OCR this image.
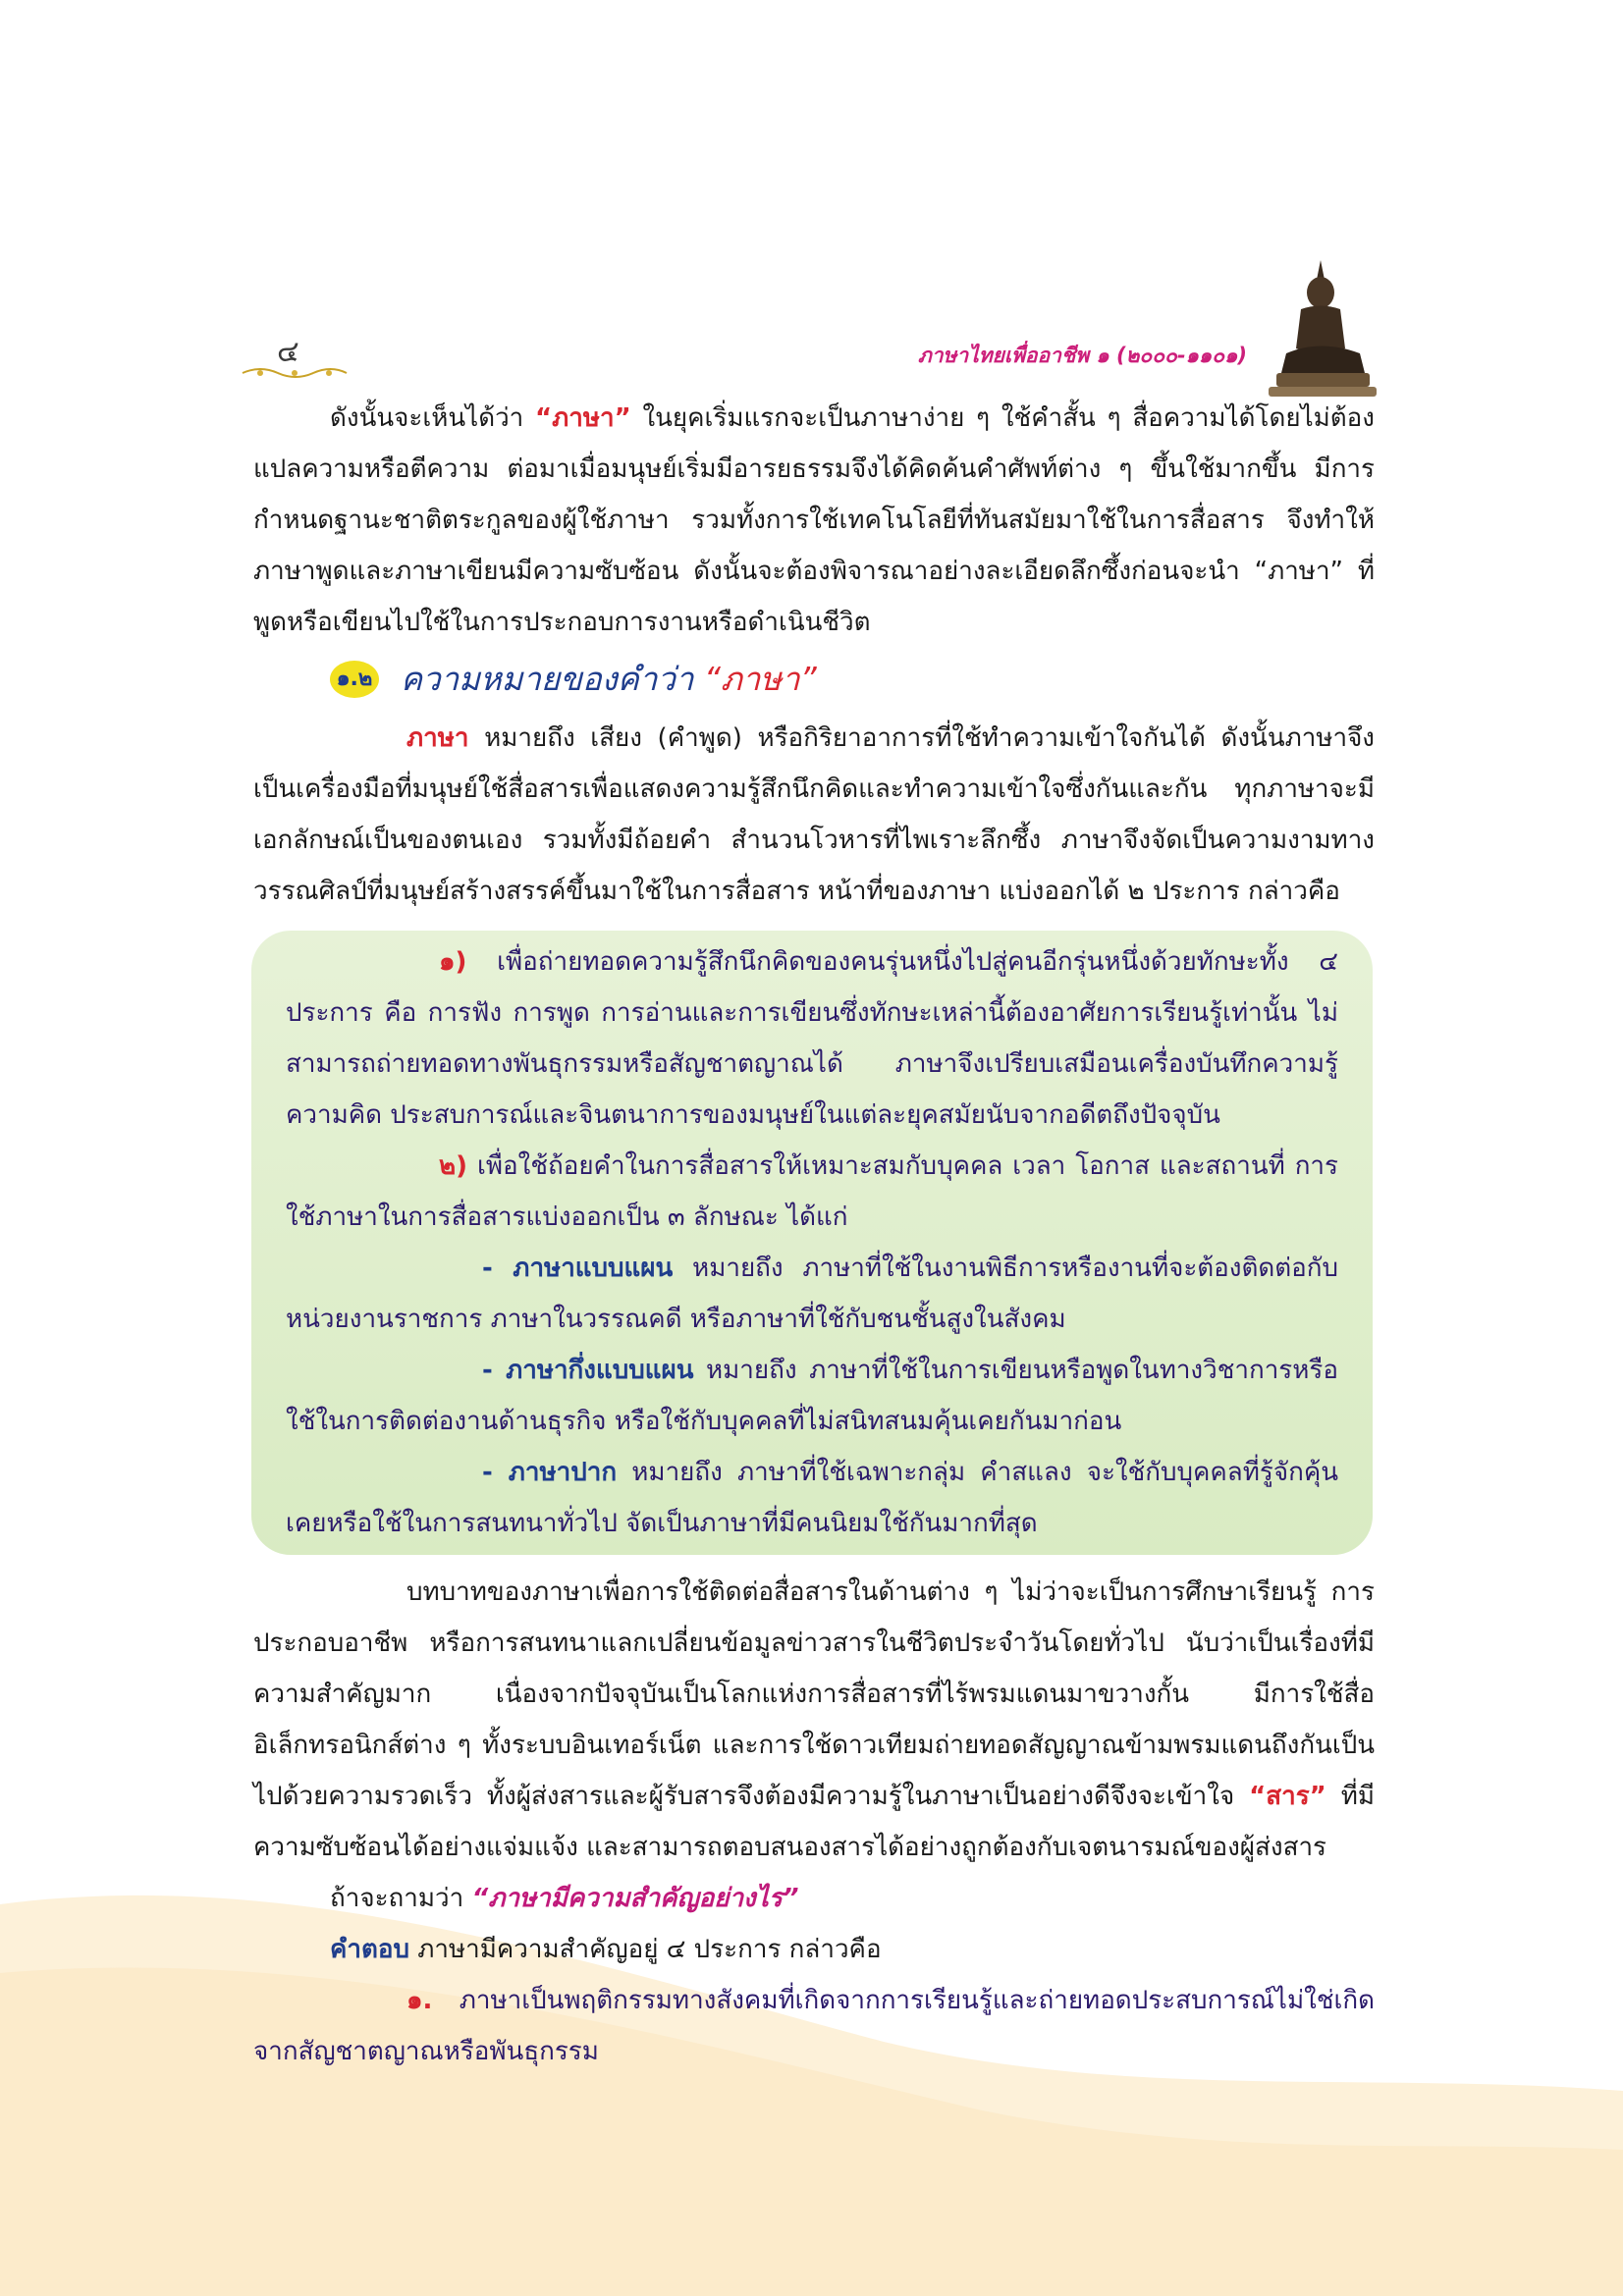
๔	ภาษาไทยเพื่ออาชีพ ๑ (๒๐๐๐-๑๑๐๑)

ดังนั้นจะเห็นได้ว่า “ภาษา” ในยุคเริ่มแรกจะเป็นภาษาง่าย ๆ ใช้คำสั้น ๆ สื่อความได้โดยไม่ต้องแปลความหรือตีความ ต่อมาเมื่อมนุษย์เริ่มมีอารยธรรมจึงได้คิดค้นคำศัพท์ต่าง ๆ ขึ้นใช้มากขึ้น มีการกำหนดฐานะชาติตระกูลของผู้ใช้ภาษา รวมทั้งการใช้เทคโนโลยีที่ทันสมัยมาใช้ในการสื่อสาร จึงทำให้ภาษาพูดและภาษาเขียนมีความซับซ้อน ดังนั้นจะต้องพิจารณาอย่างละเอียดลึกซึ้งก่อนจะนำ “ภาษา” ที่พูดหรือเขียนไปใช้ในการประกอบการงานหรือดำเนินชีวิต

๑.๒ ความหมายของคำว่า “ภาษา”

ภาษา หมายถึง เสียง (คำพูด) หรือกิริยาอาการที่ใช้ทำความเข้าใจกันได้ ดังนั้นภาษาจึงเป็นเครื่องมือที่มนุษย์ใช้สื่อสารเพื่อแสดงความรู้สึกนึกคิดและทำความเข้าใจซึ่งกันและกัน ทุกภาษาจะมีเอกลักษณ์เป็นของตนเอง รวมทั้งมีถ้อยคำ สำนวนโวหารที่ไพเราะลึกซึ้ง ภาษาจึงจัดเป็นความงามทางวรรณศิลป์ที่มนุษย์สร้างสรรค์ขึ้นมาใช้ในการสื่อสาร หน้าที่ของภาษา แบ่งออกได้ ๒ ประการ กล่าวคือ

๑) เพื่อถ่ายทอดความรู้สึกนึกคิดของคนรุ่นหนึ่งไปสู่คนอีกรุ่นหนึ่งด้วยทักษะทั้ง ๔ ประการ คือ การฟัง การพูด การอ่านและการเขียนซึ่งทักษะเหล่านี้ต้องอาศัยการเรียนรู้เท่านั้น ไม่สามารถถ่ายทอดทางพันธุกรรมหรือสัญชาตญาณได้ ภาษาจึงเปรียบเสมือนเครื่องบันทึกความรู้ความคิด ประสบการณ์และจินตนาการของมนุษย์ในแต่ละยุคสมัยนับจากอดีตถึงปัจจุบัน

๒) เพื่อใช้ถ้อยคำในการสื่อสารให้เหมาะสมกับบุคคล เวลา โอกาส และสถานที่ การใช้ภาษาในการสื่อสารแบ่งออกเป็น ๓ ลักษณะ ได้แก่

- ภาษาแบบแผน หมายถึง ภาษาที่ใช้ในงานพิธีการหรืองานที่จะต้องติดต่อกับหน่วยงานราชการ ภาษาในวรรณคดี หรือภาษาที่ใช้กับชนชั้นสูงในสังคม

- ภาษากึ่งแบบแผน หมายถึง ภาษาที่ใช้ในการเขียนหรือพูดในทางวิชาการหรือใช้ในการติดต่องานด้านธุรกิจ หรือใช้กับบุคคลที่ไม่สนิทสนมคุ้นเคยกันมาก่อน

- ภาษาปาก หมายถึง ภาษาที่ใช้เฉพาะกลุ่ม คำสแลง จะใช้กับบุคคลที่รู้จักคุ้นเคยหรือใช้ในการสนทนาทั่วไป จัดเป็นภาษาที่มีคนนิยมใช้กันมากที่สุด

บทบาทของภาษาเพื่อการใช้ติดต่อสื่อสารในด้านต่าง ๆ ไม่ว่าจะเป็นการศึกษาเรียนรู้ การประกอบอาชีพ หรือการสนทนาแลกเปลี่ยนข้อมูลข่าวสารในชีวิตประจำวันโดยทั่วไป นับว่าเป็นเรื่องที่มีความสำคัญมาก เนื่องจากปัจจุบันเป็นโลกแห่งการสื่อสารที่ไร้พรมแดนมาขวางกั้น มีการใช้สื่ออิเล็กทรอนิกส์ต่าง ๆ ทั้งระบบอินเทอร์เน็ต และการใช้ดาวเทียมถ่ายทอดสัญญาณข้ามพรมแดนถึงกันเป็นไปด้วยความรวดเร็ว ทั้งผู้ส่งสารและผู้รับสารจึงต้องมีความรู้ในภาษาเป็นอย่างดีจึงจะเข้าใจ “สาร” ที่มีความซับซ้อนได้อย่างแจ่มแจ้ง และสามารถตอบสนองสารได้อย่างถูกต้องกับเจตนารมณ์ของผู้ส่งสาร

ถ้าจะถามว่า “ภาษามีความสำคัญอย่างไร”

คำตอบ ภาษามีความสำคัญอยู่ ๔ ประการ กล่าวคือ

๑. ภาษาเป็นพฤติกรรมทางสังคมที่เกิดจากการเรียนรู้และถ่ายทอดประสบการณ์ไม่ใช่เกิดจากสัญชาตญาณหรือพันธุกรรม
